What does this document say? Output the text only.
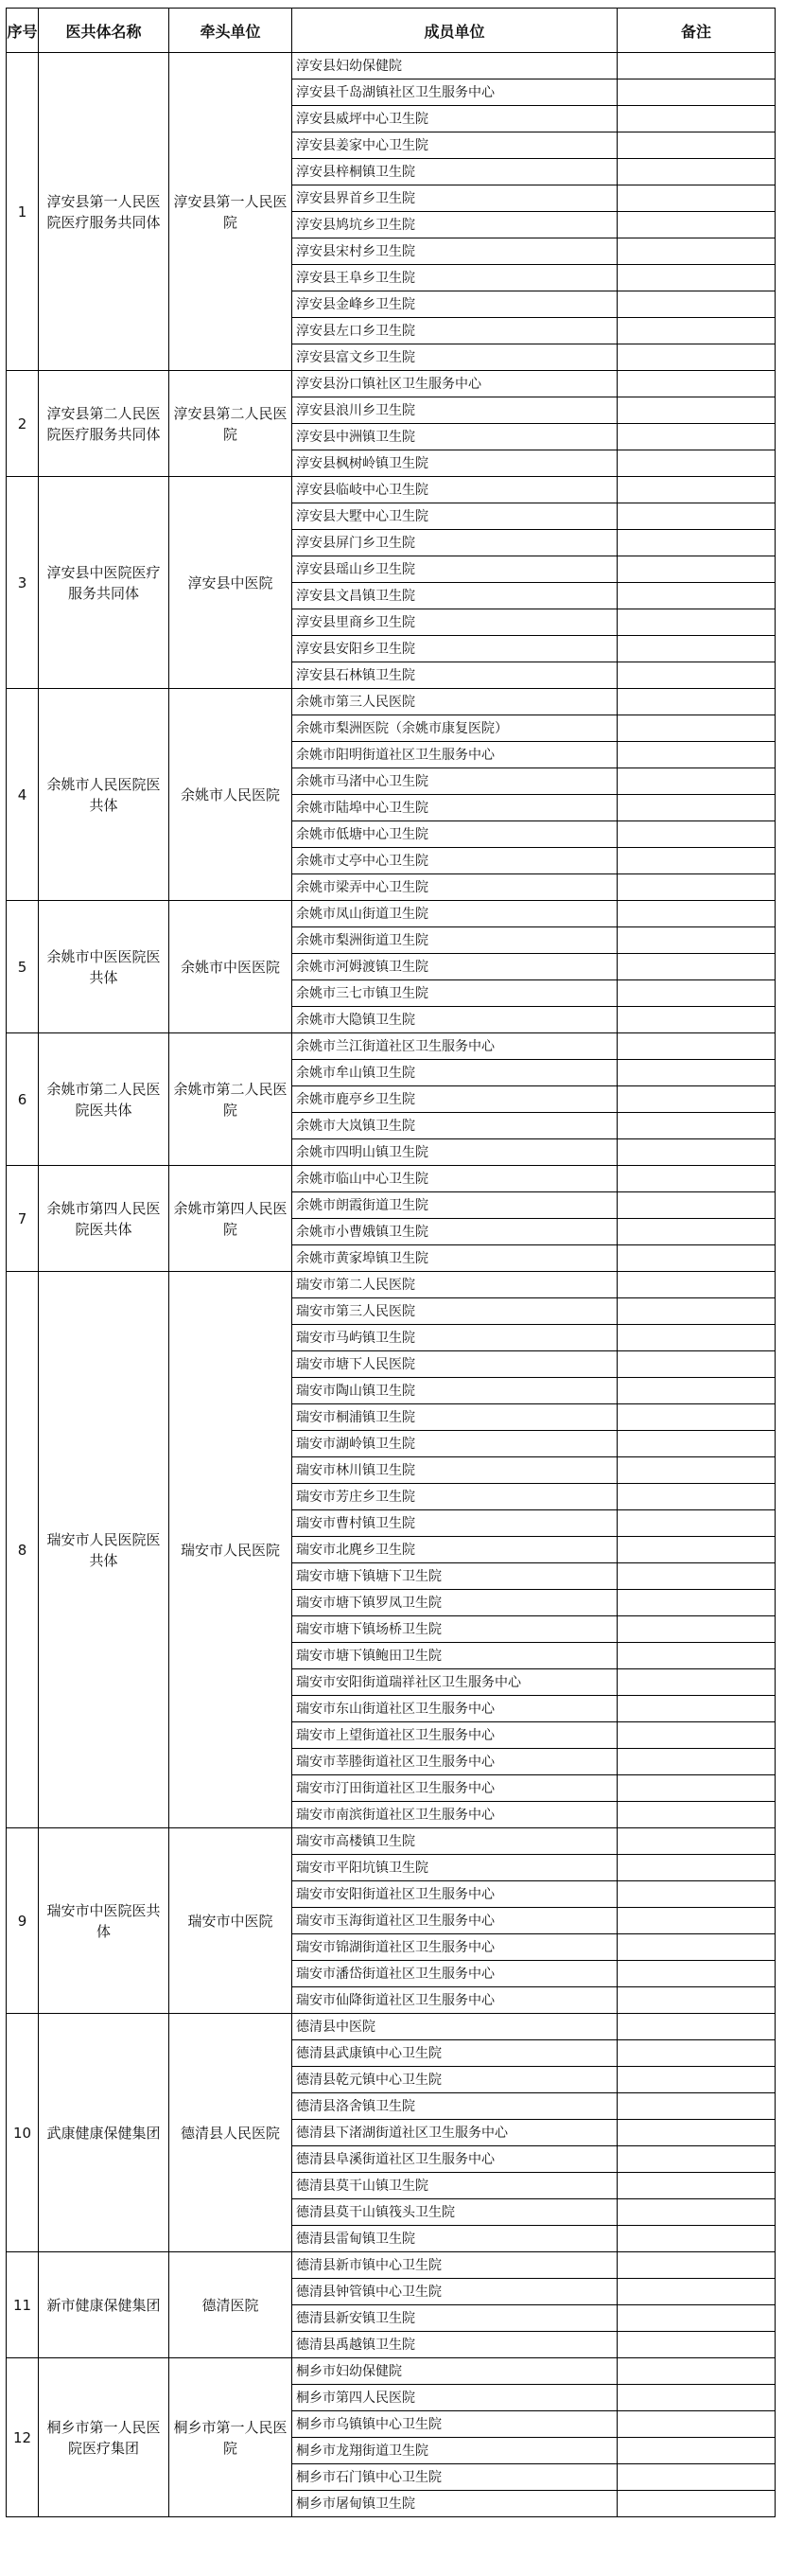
序号	医共体名称	牵头单位	成员单位	备注
1	淳安县第一人民医院医疗服务共同体	淳安县第一人民医院	淳安县妇幼保健院	
			淳安县千岛湖镇社区卫生服务中心	
			淳安县威坪中心卫生院	
			淳安县姜家中心卫生院	
			淳安县梓桐镇卫生院	
			淳安县界首乡卫生院	
			淳安县鸠坑乡卫生院	
			淳安县宋村乡卫生院	
			淳安县王阜乡卫生院	
			淳安县金峰乡卫生院	
			淳安县左口乡卫生院	
			淳安县富文乡卫生院	
2	淳安县第二人民医院医疗服务共同体	淳安县第二人民医院	淳安县汾口镇社区卫生服务中心	
			淳安县浪川乡卫生院	
			淳安县中洲镇卫生院	
			淳安县枫树岭镇卫生院	
3	淳安县中医院医疗服务共同体	淳安县中医院	淳安县临岐中心卫生院	
			淳安县大墅中心卫生院	
			淳安县屏门乡卫生院	
			淳安县瑶山乡卫生院	
			淳安县文昌镇卫生院	
			淳安县里商乡卫生院	
			淳安县安阳乡卫生院	
			淳安县石林镇卫生院	
4	余姚市人民医院医共体	余姚市人民医院	余姚市第三人民医院	
			余姚市梨洲医院（余姚市康复医院）	
			余姚市阳明街道社区卫生服务中心	
			余姚市马渚中心卫生院	
			余姚市陆埠中心卫生院	
			余姚市低塘中心卫生院	
			余姚市丈亭中心卫生院	
			余姚市梁弄中心卫生院	
5	余姚市中医医院医共体	余姚市中医医院	余姚市凤山街道卫生院	
			余姚市梨洲街道卫生院	
			余姚市河姆渡镇卫生院	
			余姚市三七市镇卫生院	
			余姚市大隐镇卫生院	
6	余姚市第二人民医院医共体	余姚市第二人民医院	余姚市兰江街道社区卫生服务中心	
			余姚市牟山镇卫生院	
			余姚市鹿亭乡卫生院	
			余姚市大岚镇卫生院	
			余姚市四明山镇卫生院	
7	余姚市第四人民医院医共体	余姚市第四人民医院	余姚市临山中心卫生院	
			余姚市朗霞街道卫生院	
			余姚市小曹娥镇卫生院	
			余姚市黄家埠镇卫生院	
8	瑞安市人民医院医共体	瑞安市人民医院	瑞安市第二人民医院	
			瑞安市第三人民医院	
			瑞安市马屿镇卫生院	
			瑞安市塘下人民医院	
			瑞安市陶山镇卫生院	
			瑞安市桐浦镇卫生院	
			瑞安市湖岭镇卫生院	
			瑞安市林川镇卫生院	
			瑞安市芳庄乡卫生院	
			瑞安市曹村镇卫生院	
			瑞安市北麂乡卫生院	
			瑞安市塘下镇塘下卫生院	
			瑞安市塘下镇罗凤卫生院	
			瑞安市塘下镇场桥卫生院	
			瑞安市塘下镇鲍田卫生院	
			瑞安市安阳街道瑞祥社区卫生服务中心	
			瑞安市东山街道社区卫生服务中心	
			瑞安市上望街道社区卫生服务中心	
			瑞安市莘塍街道社区卫生服务中心	
			瑞安市汀田街道社区卫生服务中心	
			瑞安市南滨街道社区卫生服务中心	
9	瑞安市中医院医共体	瑞安市中医院	瑞安市高楼镇卫生院	
			瑞安市平阳坑镇卫生院	
			瑞安市安阳街道社区卫生服务中心	
			瑞安市玉海街道社区卫生服务中心	
			瑞安市锦湖街道社区卫生服务中心	
			瑞安市潘岱街道社区卫生服务中心	
			瑞安市仙降街道社区卫生服务中心	
10	武康健康保健集团	德清县人民医院	德清县中医院	
			德清县武康镇中心卫生院	
			德清县乾元镇中心卫生院	
			德清县洛舍镇卫生院	
			德清县下渚湖街道社区卫生服务中心	
			德清县阜溪街道社区卫生服务中心	
			德清县莫干山镇卫生院	
			德清县莫干山镇筏头卫生院	
			德清县雷甸镇卫生院	
11	新市健康保健集团	德清医院	德清县新市镇中心卫生院	
			德清县钟管镇中心卫生院	
			德清县新安镇卫生院	
			德清县禹越镇卫生院	
12	桐乡市第一人民医院医疗集团	桐乡市第一人民医院	桐乡市妇幼保健院	
			桐乡市第四人民医院	
			桐乡市乌镇镇中心卫生院	
			桐乡市龙翔街道卫生院	
			桐乡市石门镇中心卫生院	
			桐乡市屠甸镇卫生院	
